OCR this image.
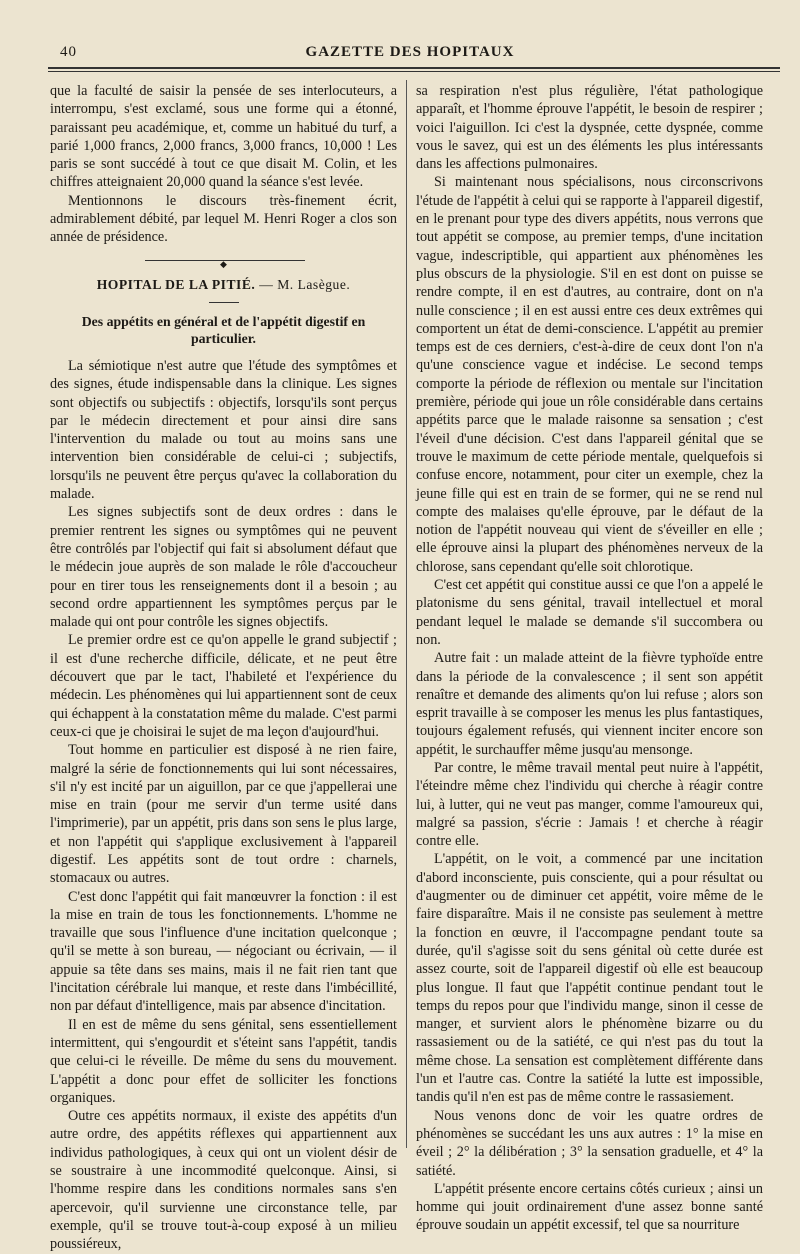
40	GAZETTE DES HOPITAUX

que la faculté de saisir la pensée de ses interlocuteurs, a interrompu, s'est exclamé, sous une forme qui a étonné, paraissant peu académique, et, comme un habitué du turf, a parié 1,000 francs, 2,000 francs, 3,000 francs, 10,000 ! Les paris se sont succédé à tout ce que disait M. Colin, et les chiffres atteignaient 20,000 quand la séance s'est levée.

Mentionnons le discours très-finement écrit, admirablement débité, par lequel M. Henri Roger a clos son année de présidence.

◆
HOPITAL DE LA PITIÉ. — M. Lasègue.
Des appétits en général et de l'appétit digestif en particulier.

La sémiotique n'est autre que l'étude des symptômes et des signes, étude indispensable dans la clinique. Les signes sont objectifs ou subjectifs : objectifs, lorsqu'ils sont perçus par le médecin directement et pour ainsi dire sans l'intervention du malade ou tout au moins sans une intervention bien considérable de celui-ci ; subjectifs, lorsqu'ils ne peuvent être perçus qu'avec la collaboration du malade.

Les signes subjectifs sont de deux ordres : dans le premier rentrent les signes ou symptômes qui ne peuvent être contrôlés par l'objectif qui fait si absolument défaut que le médecin joue auprès de son malade le rôle d'accoucheur pour en tirer tous les renseignements dont il a besoin ; au second ordre appartiennent les symptômes perçus par le malade qui ont pour contrôle les signes objectifs.

Le premier ordre est ce qu'on appelle le grand subjectif ; il est d'une recherche difficile, délicate, et ne peut être découvert que par le tact, l'habileté et l'expérience du médecin. Les phénomènes qui lui appartiennent sont de ceux qui échappent à la constatation même du malade. C'est parmi ceux-ci que je choisirai le sujet de ma leçon d'aujourd'hui.

Tout homme en particulier est disposé à ne rien faire, malgré la série de fonctionnements qui lui sont nécessaires, s'il n'y est incité par un aiguillon, par ce que j'appellerai une mise en train (pour me servir d'un terme usité dans l'imprimerie), par un appétit, pris dans son sens le plus large, et non l'appétit qui s'applique exclusivement à l'appareil digestif. Les appétits sont de tout ordre : charnels, stomacaux ou autres.

C'est donc l'appétit qui fait manœuvrer la fonction : il est la mise en train de tous les fonctionnements. L'homme ne travaille que sous l'influence d'une incitation quelconque ; qu'il se mette à son bureau, — négociant ou écrivain, — il appuie sa tête dans ses mains, mais il ne fait rien tant que l'incitation cérébrale lui manque, et reste dans l'imbécillité, non par défaut d'intelligence, mais par absence d'incitation.

Il en est de même du sens génital, sens essentiellement intermittent, qui s'engourdit et s'éteint sans l'appétit, tandis que celui-ci le réveille. De même du sens du mouvement. L'appétit a donc pour effet de solliciter les fonctions organiques.

Outre ces appétits normaux, il existe des appétits d'un autre ordre, des appétits réflexes qui appartiennent aux individus pathologiques, à ceux qui ont un violent désir de se soustraire à une incommodité quelconque. Ainsi, si l'homme respire dans les conditions normales sans s'en apercevoir, qu'il survienne une circonstance telle, par exemple, qu'il se trouve tout-à-coup exposé à un milieu poussiéreux,

sa respiration n'est plus régulière, l'état pathologique apparaît, et l'homme éprouve l'appétit, le besoin de respirer ; voici l'aiguillon. Ici c'est la dyspnée, cette dyspnée, comme vous le savez, qui est un des éléments les plus intéressants dans les affections pulmonaires.

Si maintenant nous spécialisons, nous circonscrivons l'étude de l'appétit à celui qui se rapporte à l'appareil digestif, en le prenant pour type des divers appétits, nous verrons que tout appétit se compose, au premier temps, d'une incitation vague, indescriptible, qui appartient aux phénomènes les plus obscurs de la physiologie. S'il en est dont on puisse se rendre compte, il en est d'autres, au contraire, dont on n'a nulle conscience ; il en est aussi entre ces deux extrêmes qui comportent un état de demi-conscience. L'appétit au premier temps est de ces derniers, c'est-à-dire de ceux dont l'on n'a qu'une conscience vague et indécise. Le second temps comporte la période de réflexion ou mentale sur l'incitation première, période qui joue un rôle considérable dans certains appétits parce que le malade raisonne sa sensation ; c'est l'éveil d'une décision. C'est dans l'appareil génital que se trouve le maximum de cette période mentale, quelquefois si confuse encore, notamment, pour citer un exemple, chez la jeune fille qui est en train de se former, qui ne se rend nul compte des malaises qu'elle éprouve, par le défaut de la notion de l'appétit nouveau qui vient de s'éveiller en elle ; elle éprouve ainsi la plupart des phénomènes nerveux de la chlorose, sans cependant qu'elle soit chlorotique.

C'est cet appétit qui constitue aussi ce que l'on a appelé le platonisme du sens génital, travail intellectuel et moral pendant lequel le malade se demande s'il succombera ou non.

Autre fait : un malade atteint de la fièvre typhoïde entre dans la période de la convalescence ; il sent son appétit renaître et demande des aliments qu'on lui refuse ; alors son esprit travaille à se composer les menus les plus fantastiques, toujours également refusés, qui viennent inciter encore son appétit, le surchauffer même jusqu'au mensonge.

Par contre, le même travail mental peut nuire à l'appétit, l'éteindre même chez l'individu qui cherche à réagir contre lui, à lutter, qui ne veut pas manger, comme l'amoureux qui, malgré sa passion, s'écrie : Jamais ! et cherche à réagir contre elle.

L'appétit, on le voit, a commencé par une incitation d'abord inconsciente, puis consciente, qui a pour résultat ou d'augmenter ou de diminuer cet appétit, voire même de le faire disparaître. Mais il ne consiste pas seulement à mettre la fonction en œuvre, il l'accompagne pendant toute sa durée, qu'il s'agisse soit du sens génital où cette durée est assez courte, soit de l'appareil digestif où elle est beaucoup plus longue. Il faut que l'appétit continue pendant tout le temps du repos pour que l'individu mange, sinon il cesse de manger, et survient alors le phénomène bizarre ou du rassasiement ou de la satiété, ce qui n'est pas du tout la même chose. La sensation est complètement différente dans l'un et l'autre cas. Contre la satiété la lutte est impossible, tandis qu'il n'en est pas de même contre le rassasiement.

Nous venons donc de voir les quatre ordres de phénomènes se succédant les uns aux autres : 1° la mise en éveil ; 2° la délibération ; 3° la sensation graduelle, et 4° la satiété.

L'appétit présente encore certains côtés curieux ; ainsi un homme qui jouit ordinairement d'une assez bonne santé éprouve soudain un appétit excessif, tel que sa nourriture
